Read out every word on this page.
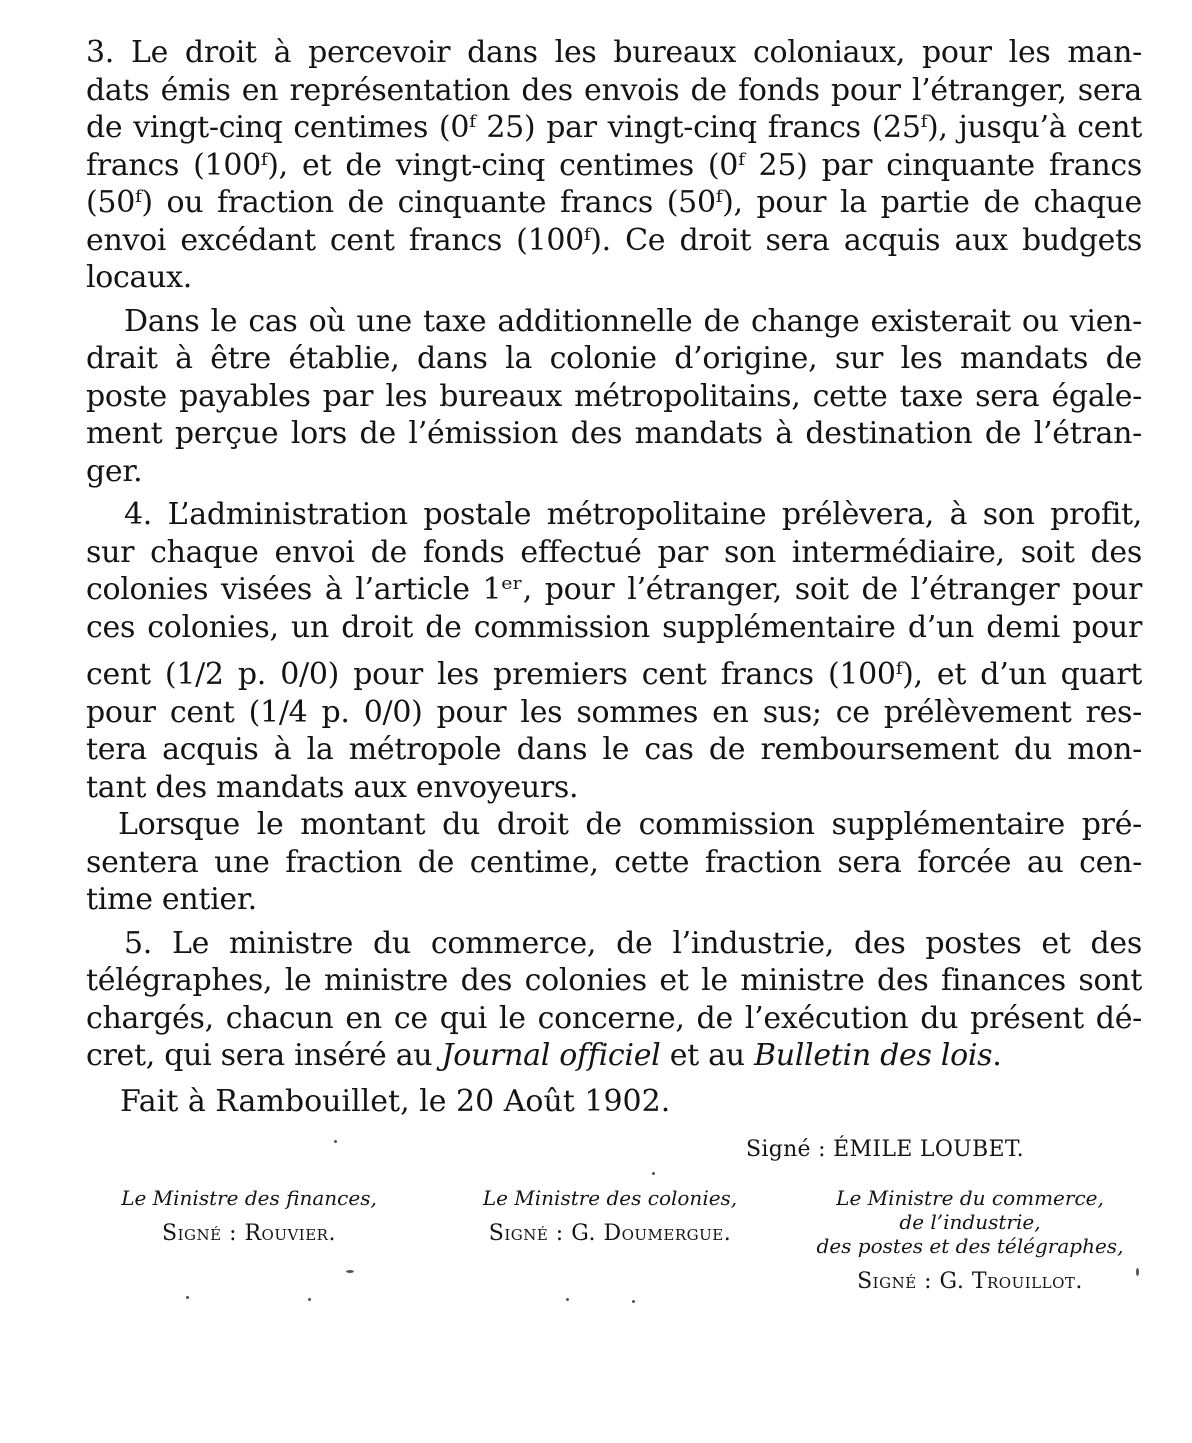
3. Le droit à percevoir dans les bureaux coloniaux, pour les man-
dats émis en représentation des envois de fonds pour l’étranger, sera
de vingt-cinq centimes (0ᶠ 25) par vingt-cinq francs (25ᶠ), jusqu’à cent
francs (100ᶠ), et de vingt-cinq centimes (0ᶠ 25) par cinquante francs
(50ᶠ) ou fraction de cinquante francs (50ᶠ), pour la partie de chaque
envoi excédant cent francs (100ᶠ). Ce droit sera acquis aux budgets
locaux.
Dans le cas où une taxe additionnelle de change existerait ou vien-
drait à être établie, dans la colonie d’origine, sur les mandats de
poste payables par les bureaux métropolitains, cette taxe sera égale-
ment perçue lors de l’émission des mandats à destination de l’étran-
ger.
4. L’administration postale métropolitaine prélèvera, à son profit,
sur chaque envoi de fonds effectué par son intermédiaire, soit des
colonies visées à l’article 1ᵉʳ, pour l’étranger, soit de l’étranger pour
ces colonies, un droit de commission supplémentaire d’un demi pour
cent (1/2 p. 0/0) pour les premiers cent francs (100ᶠ), et d’un quart
pour cent (1/4 p. 0/0) pour les sommes en sus; ce prélèvement res-
tera acquis à la métropole dans le cas de remboursement du mon-
tant des mandats aux envoyeurs.
Lorsque le montant du droit de commission supplémentaire pré-
sentera une fraction de centime, cette fraction sera forcée au cen-
time entier.
5. Le ministre du commerce, de l’industrie, des postes et des
télégraphes, le ministre des colonies et le ministre des finances sont
chargés, chacun en ce qui le concerne, de l’exécution du présent dé-
cret, qui sera inséré au Journal officiel et au Bulletin des lois.
Fait à Rambouillet, le 20 Août 1902.
Signé : ÉMILE LOUBET.
Le Ministre des finances,
Signé : Rouvier.
Le Ministre des colonies,
Signé : G. Doumergue.
Le Ministre du commerce,
de l’industrie,
des postes et des télégraphes,
Signé : G. Trouillot.
